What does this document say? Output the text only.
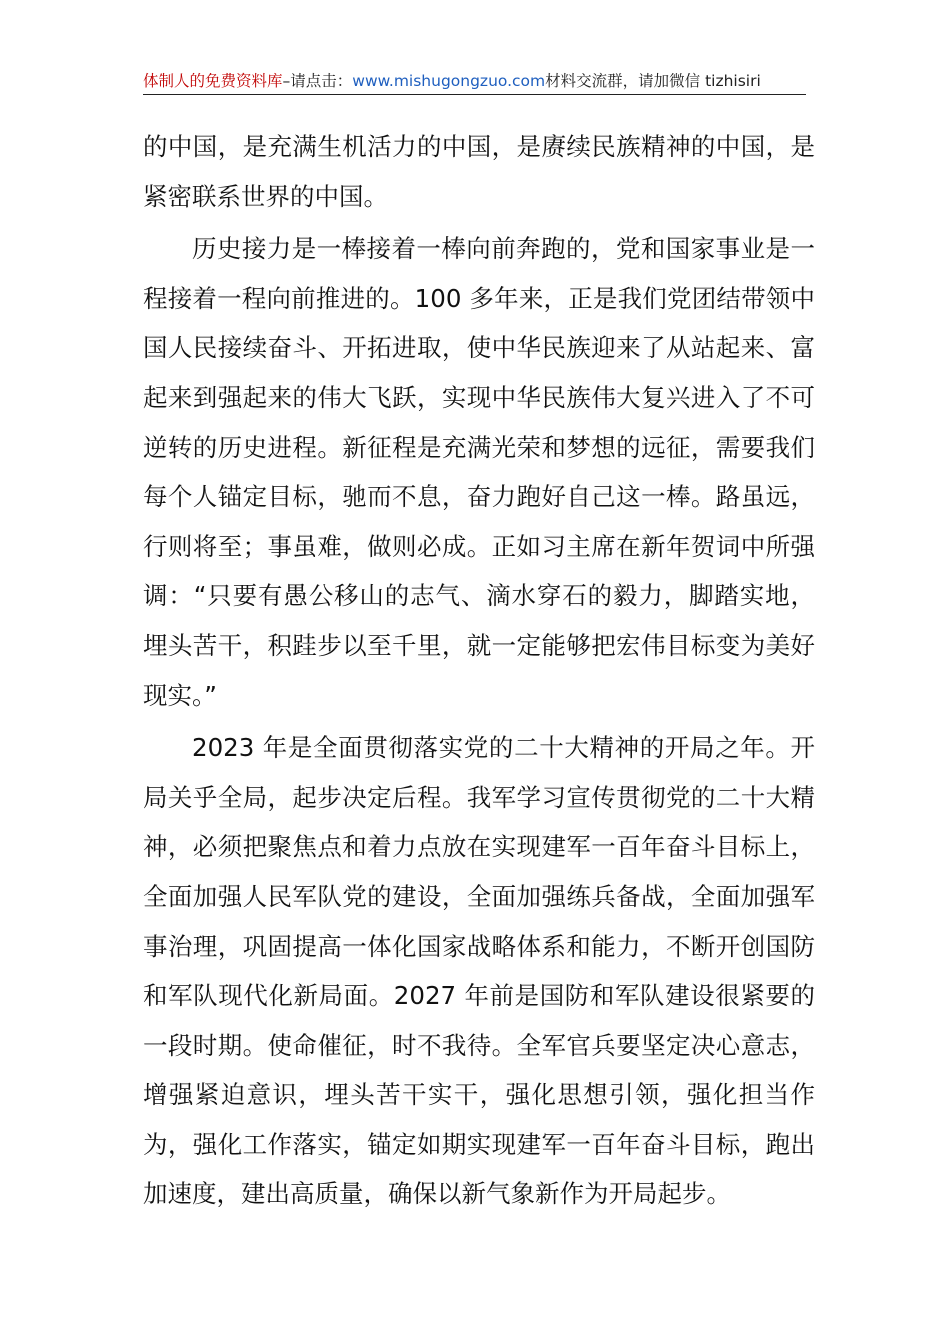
体制人的免费资料库–请点击：www.mishugongzuo.com材料交流群，请加微信 tizhisiri

的中国，是充满生机活力的中国，是赓续民族精神的中国，是紧密联系世界的中国。

历史接力是一棒接着一棒向前奔跑的，党和国家事业是一程接着一程向前推进的。100 多年来，正是我们党团结带领中国人民接续奋斗、开拓进取，使中华民族迎来了从站起来、富起来到强起来的伟大飞跃，实现中华民族伟大复兴进入了不可逆转的历史进程。新征程是充满光荣和梦想的远征，需要我们每个人锚定目标，驰而不息，奋力跑好自己这一棒。路虽远，行则将至；事虽难，做则必成。正如习主席在新年贺词中所强调：“只要有愚公移山的志气、滴水穿石的毅力，脚踏实地，埋头苦干，积跬步以至千里，就一定能够把宏伟目标变为美好现实。”

2023 年是全面贯彻落实党的二十大精神的开局之年。开局关乎全局，起步决定后程。我军学习宣传贯彻党的二十大精神，必须把聚焦点和着力点放在实现建军一百年奋斗目标上，全面加强人民军队党的建设，全面加强练兵备战，全面加强军事治理，巩固提高一体化国家战略体系和能力，不断开创国防和军队现代化新局面。2027 年前是国防和军队建设很紧要的一段时期。使命催征，时不我待。全军官兵要坚定决心意志，增强紧迫意识，埋头苦干实干，强化思想引领，强化担当作为，强化工作落实，锚定如期实现建军一百年奋斗目标，跑出加速度，建出高质量，确保以新气象新作为开局起步。
